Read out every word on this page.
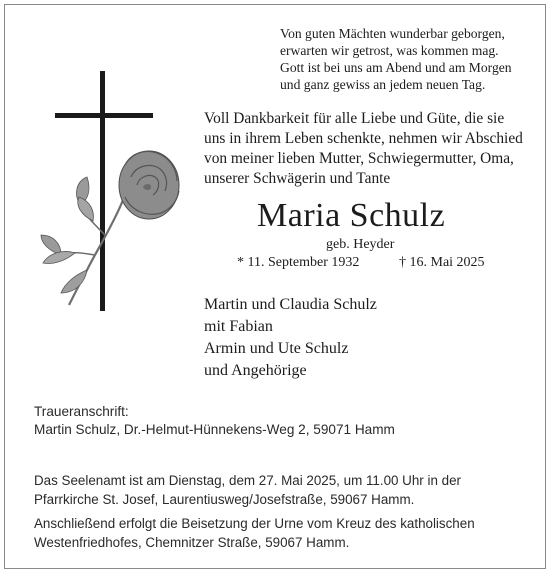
Von guten Mächten wunderbar geborgen,
erwarten wir getrost, was kommen mag.
Gott ist bei uns am Abend und am Morgen
und ganz gewiss an jedem neuen Tag.
Voll Dankbarkeit für alle Liebe und Güte, die sie
uns in ihrem Leben schenkte, nehmen wir Abschied
von meiner lieben Mutter, Schwiegermutter, Oma,
unserer Schwägerin und Tante
Maria Schulz
geb. Heyder
* 11. September 1932	† 16. Mai 2025
Martin und Claudia Schulz
mit Fabian
Armin und Ute Schulz
und Angehörige
Traueranschrift:
Martin Schulz, Dr.-Helmut-Hünnekens-Weg 2, 59071 Hamm
Das Seelenamt ist am Dienstag, dem 27. Mai 2025, um 11.00 Uhr in der
Pfarrkirche St. Josef, Laurentiusweg/Josefstraße, 59067 Hamm.
Anschließend erfolgt die Beisetzung der Urne vom Kreuz des katholischen
Westenfriedhofes, Chemnitzer Straße, 59067 Hamm.
